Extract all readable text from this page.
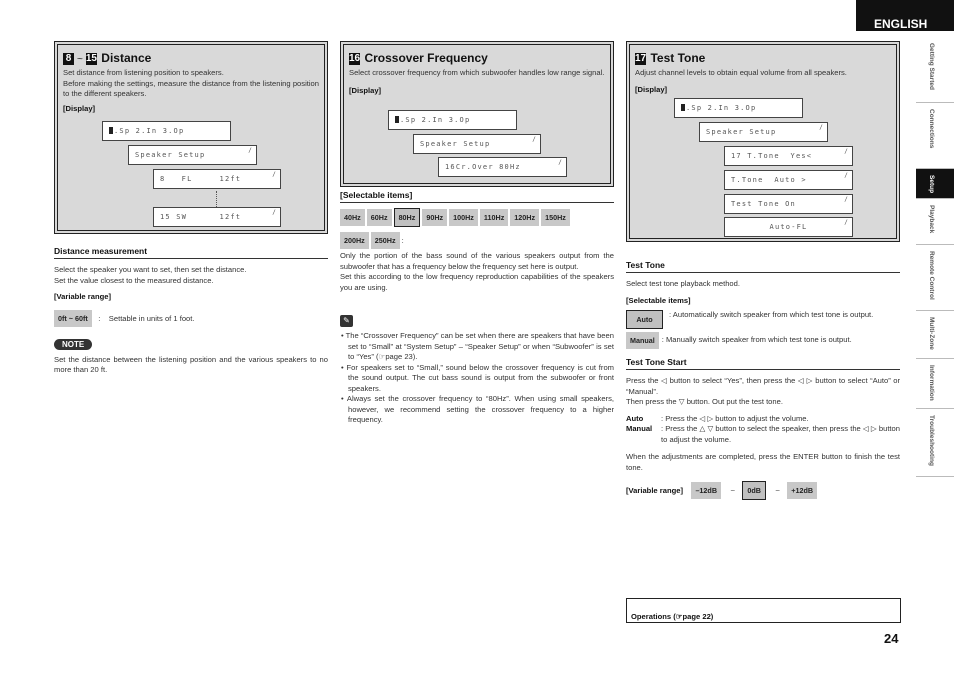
ENGLISH
Getting Started
Connections
Setup
Playback
Remote Control
Multi-Zone
Information
Troubleshooting
8 ~ 15 Distance
Set distance from listening position to speakers.
Before making the settings, measure the distance from the listening position to the different speakers.
[Display]
.Sp 2.In 3.Op
Speaker Setup
/
8   FL     12ft
/
15 SW      12ft
/
Distance measurement
Select the speaker you want to set, then set the distance.
Set the value closest to the measured distance.
[Variable range]
0ft ~ 60ft : Settable in units of 1 foot.
NOTE
Set the distance between the listening position and the various speakers to no more than 20 ft.
16 Crossover Frequency
Select crossover frequency from which subwoofer handles low range signal.
[Display]
.Sp 2.In 3.Op
Speaker Setup
/
16Cr.Over 80Hz
/
[Selectable items]
40Hz 60Hz 80Hz 90Hz 100Hz 110Hz 120Hz 150Hz
200Hz 250Hz :
Only the portion of the bass sound of the various speakers output from the subwoofer that has a frequency below the frequency set here is output.
Set this according to the low frequency reproduction capabilities of the speakers you are using.
✎
• The “Crossover Frequency” can be set when there are speakers that have been set to “Small” at “System Setup” – “Speaker Setup” or when “Subwoofer” is set to “Yes” (☞page 23).
• For speakers set to “Small,” sound below the crossover frequency is cut from the sound output. The cut bass sound is output from the subwoofer or front speakers.
• Always set the crossover frequency to “80Hz”. When using small speakers, however, we recommend setting the crossover frequency to a higher frequency.
17 Test Tone
Adjust channel levels to obtain equal volume from all speakers.
[Display]
.Sp 2.In 3.Op
Speaker Setup
/
17 T.Tone  Yes<
/
T.Tone  Auto >
/
Test Tone On
/
Auto-FL
/
Test Tone
Select test tone playback method.
[Selectable items]
Auto
: Automatically switch speaker from which test tone is output.
Manual : Manually switch speaker from which test tone is output.
Test Tone Start
Press the ◁ button to select “Yes”, then press the ◁ ▷ button to select “Auto” or “Manual”.
Then press the ▽ button. Out put the test tone.
Auto	: Press the ◁ ▷ button to adjust the volume.
Manual	: Press the △ ▽ button to select the speaker, then press the ◁ ▷ button to adjust the volume.
When the adjustments are completed, press the ENTER button to finish the test tone.
[Variable range] –12dB ~ 0dB ~ +12dB
Operations (☞page 22)
24
